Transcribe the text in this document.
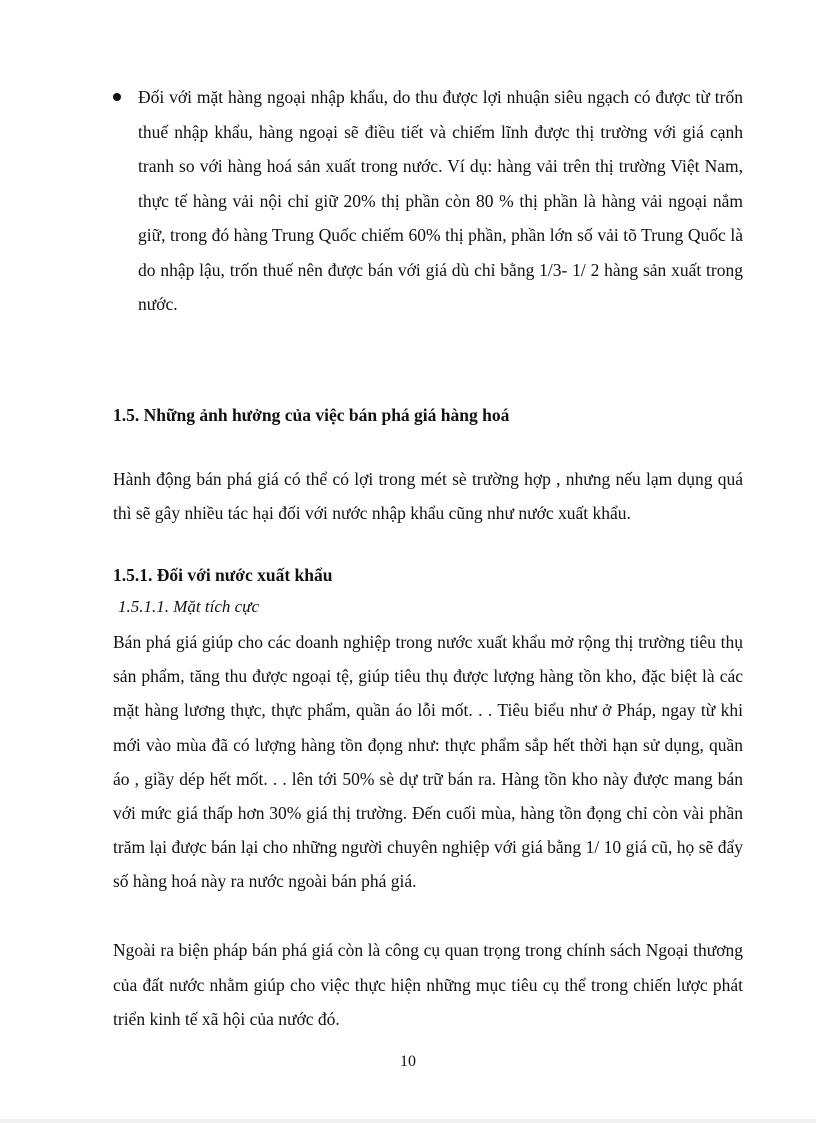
Đối với mặt hàng ngoại nhập khẩu, do thu được lợi nhuận siêu ngạch có được từ trốn thuế nhập khẩu, hàng ngoại sẽ điều tiết và chiếm lĩnh được thị trường với giá cạnh tranh so với hàng hoá sản xuất trong nước. Ví dụ: hàng vải trên thị trường Việt Nam, thực tế hàng vải nội chỉ giữ 20% thị phần còn 80 % thị phần là hàng vải ngoại nắm giữ, trong đó hàng Trung Quốc chiếm 60% thị phần, phần lớn số vải tõ Trung Quốc là do nhập lậu, trốn thuế nên được bán với giá dù chỉ bằng 1/3- 1/ 2 hàng sản xuất trong nước.
1.5. Những ảnh hưởng của việc bán phá giá hàng hoá
Hành động bán phá giá có thể có lợi trong mét sè trường hợp , nhưng nếu lạm dụng quá thì sẽ gây nhiều tác hại đối với nước nhập khẩu cũng như nước xuất khẩu.
1.5.1. Đối với nước xuất khẩu
1.5.1.1. Mặt tích cực
Bán phá giá giúp cho các doanh nghiệp trong nước xuất khẩu mở rộng thị trường tiêu thụ sản phẩm, tăng thu được ngoại tệ, giúp tiêu thụ được lượng hàng tồn kho, đặc biệt là các mặt hàng lương thực, thực phẩm, quần áo lỗi mốt. . . Tiêu biểu như ở Pháp, ngay từ khi mới vào mùa đã có lượng hàng tồn đọng như: thực phẩm sắp hết thời hạn sử dụng, quần áo , giầy dép hết mốt. . . lên tới 50% sè dự trữ bán ra. Hàng tồn kho này được mang bán với mức giá thấp hơn 30% giá thị trường. Đến cuối mùa, hàng tồn đọng chỉ còn vài phần trăm lại được bán lại cho những người chuyên nghiệp với giá bằng 1/ 10 giá cũ, họ sẽ đẩy số hàng hoá này ra nước ngoài bán phá giá.
Ngoài ra biện pháp bán phá giá còn là công cụ quan trọng trong chính sách Ngoại thương của đất nước nhằm giúp cho việc thực hiện những mục tiêu cụ thể trong chiến lược phát triển kinh tế xã hội của nước đó.
10
